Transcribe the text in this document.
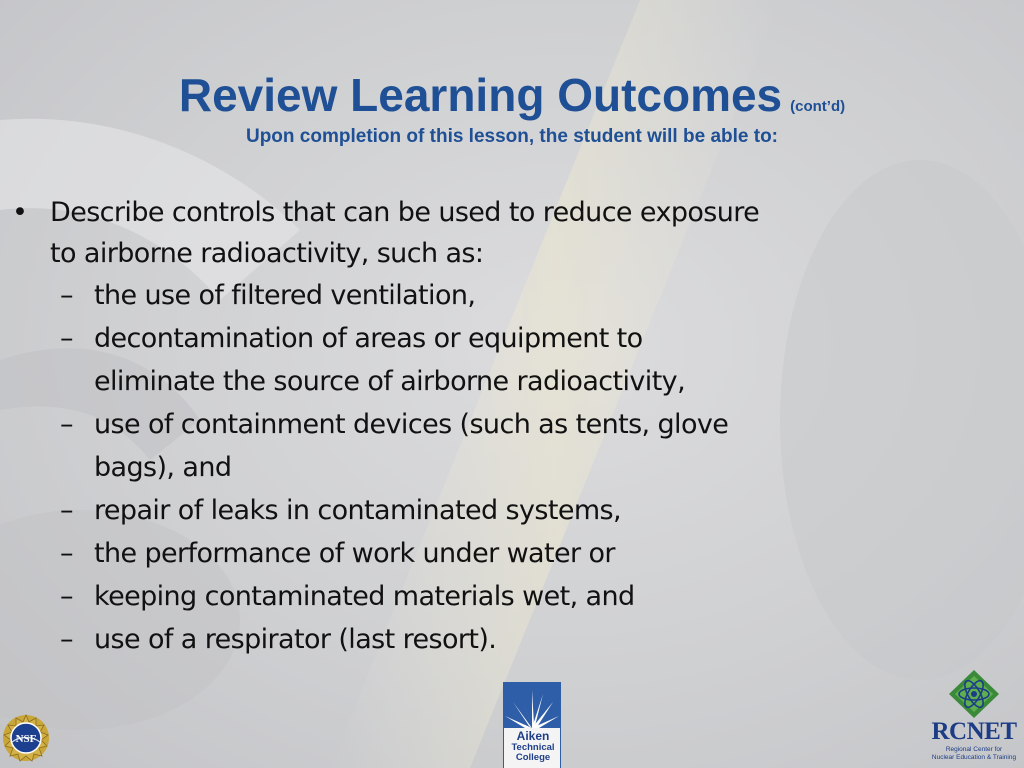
Review Learning Outcomes (cont’d)
Upon completion of this lesson, the student will be able to:
• Describe controls that can be used to reduce exposure
to airborne radioactivity, such as:
– the use of filtered ventilation,
– decontamination of areas or equipment to
eliminate the source of airborne radioactivity,
– use of containment devices (such as tents, glove
bags), and
– repair of leaks in contaminated systems,
– the performance of work under water or
– keeping contaminated materials wet, and
– use of a respirator (last resort).
NSF	Aiken
Technical
College
RCNET
Regional Center for
Nuclear Education & Training
